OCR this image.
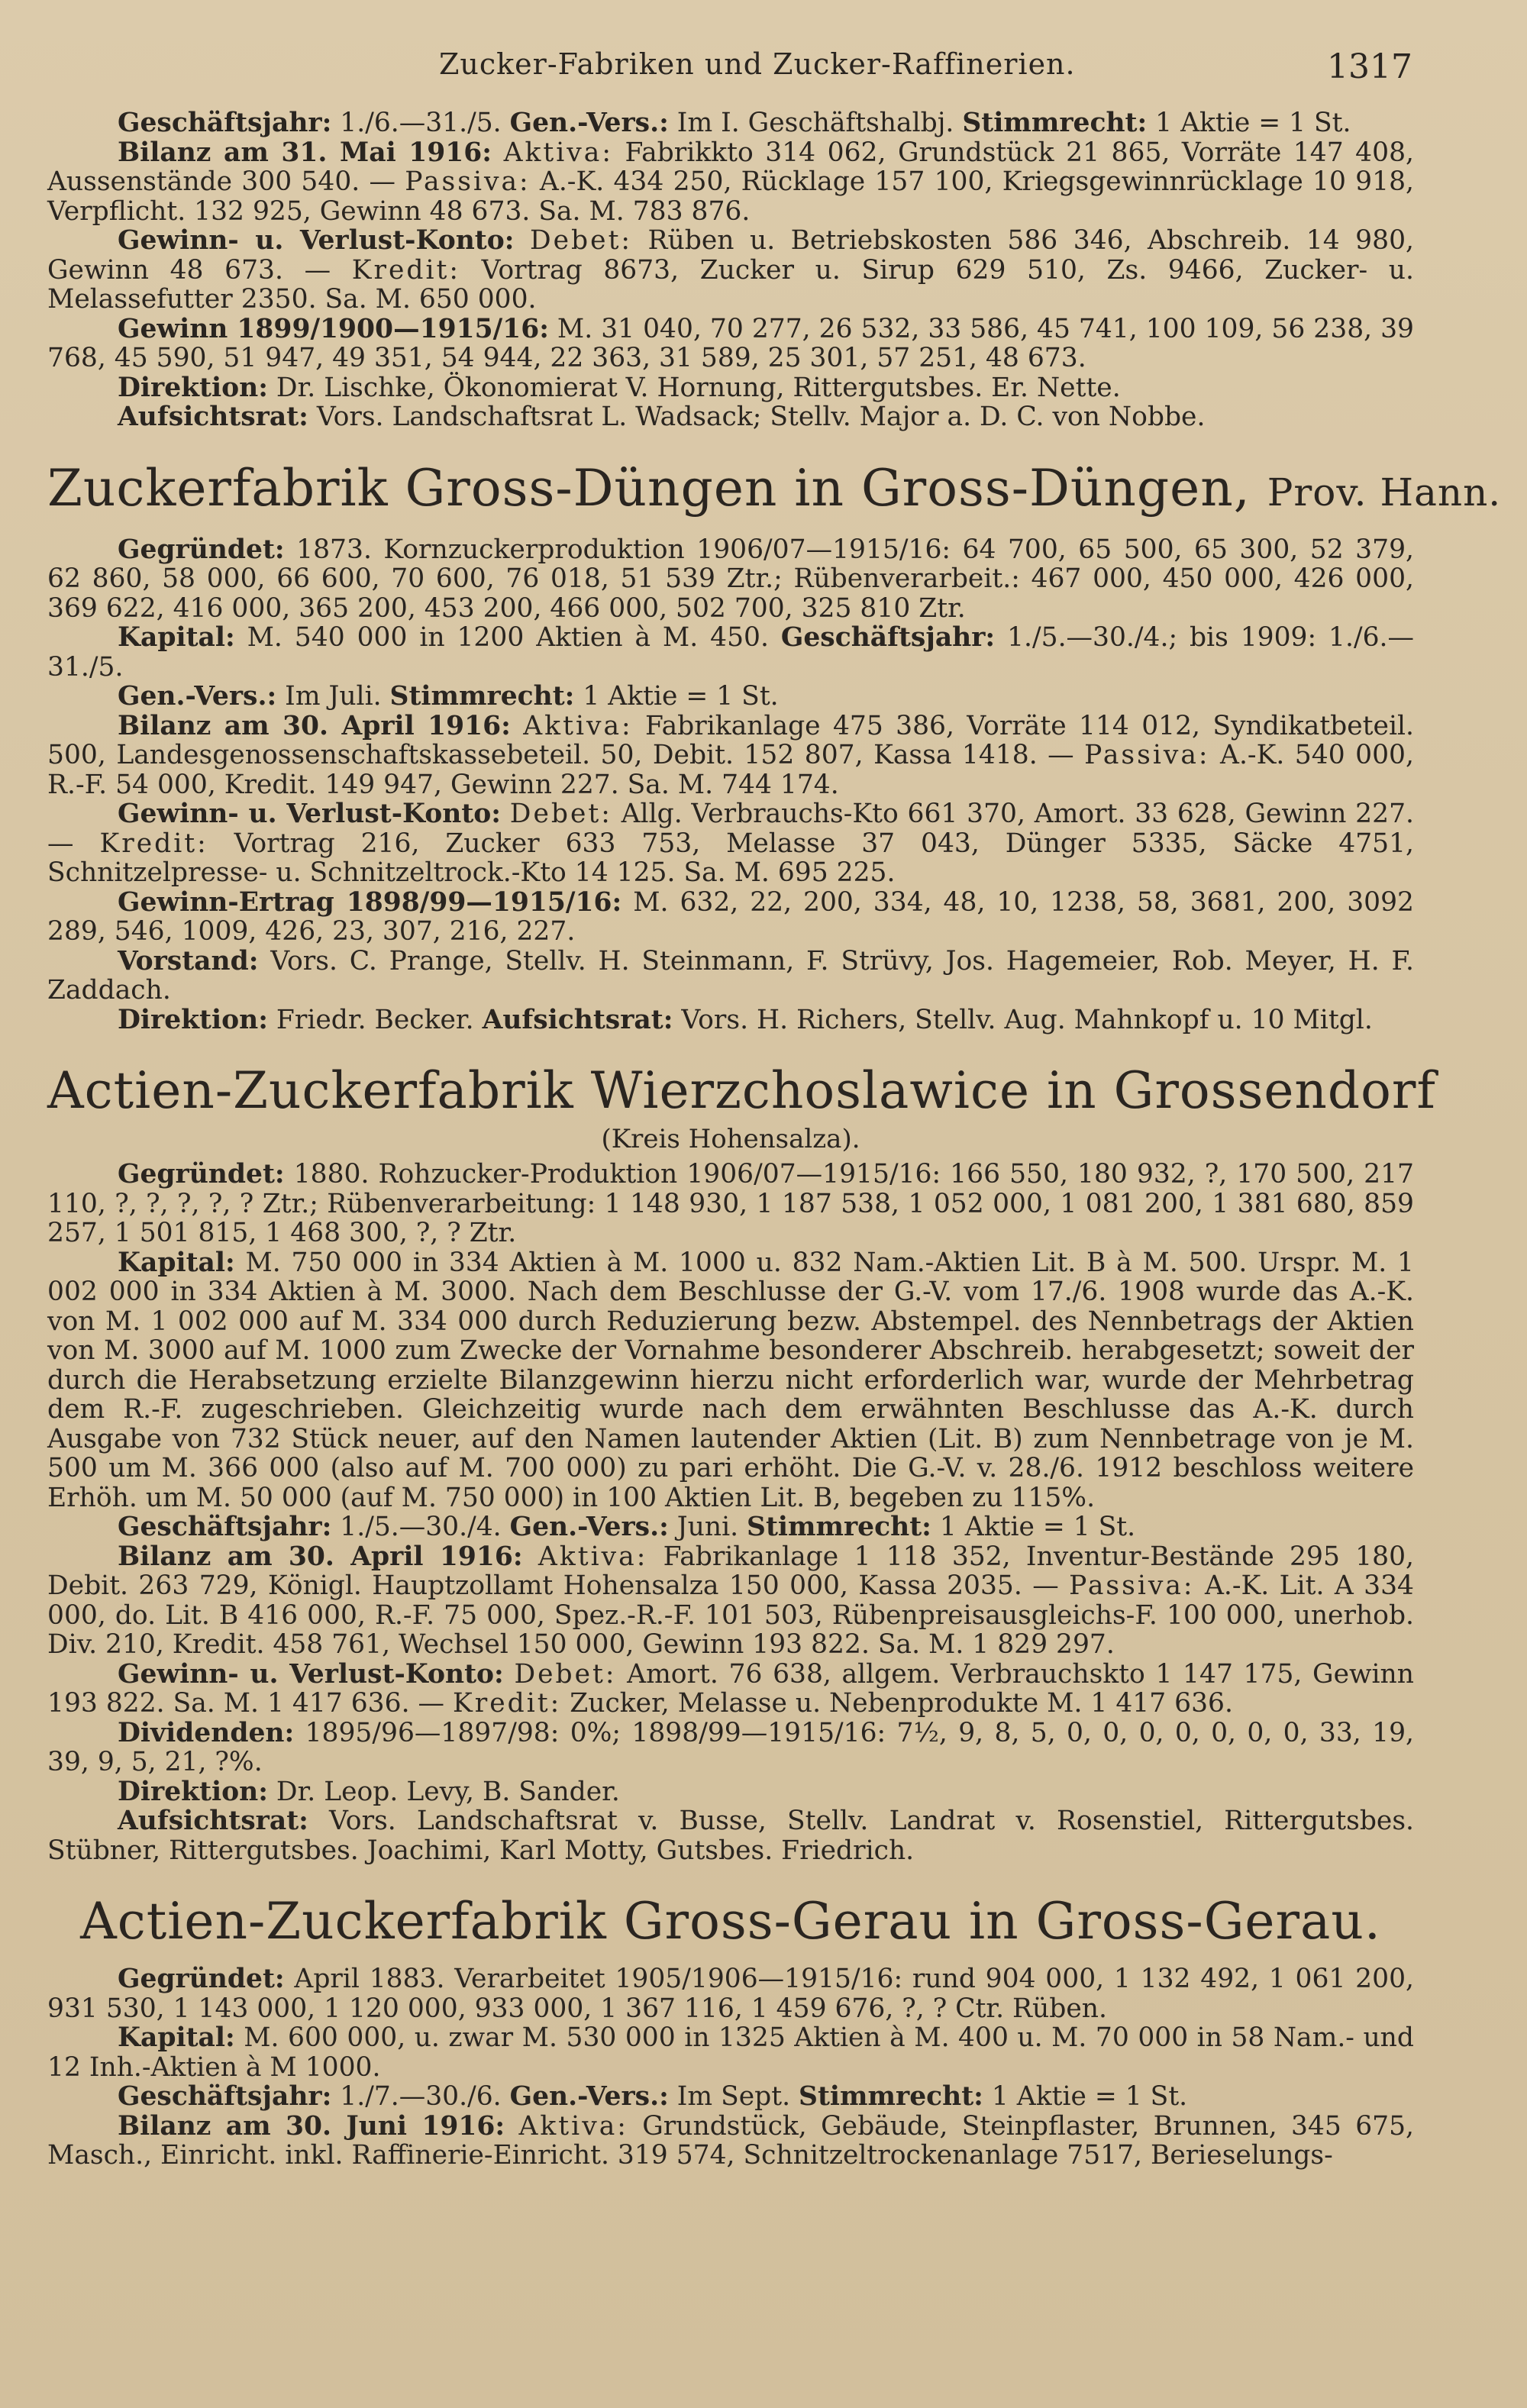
Zucker-Fabriken und Zucker-Raffinerien.	1317

Geschäftsjahr: 1./6.—31./5. Gen.-Vers.: Im I. Geschäftshalbj. Stimmrecht: 1 Aktie = 1 St.

Bilanz am 31. Mai 1916: Aktiva: Fabrikkto 314 062, Grundstück 21 865, Vorräte 147 408, Aussenstände 300 540. — Passiva: A.-K. 434 250, Rücklage 157 100, Kriegsgewinnrücklage 10 918, Verpflicht. 132 925, Gewinn 48 673. Sa. M. 783 876.

Gewinn- u. Verlust-Konto: Debet: Rüben u. Betriebskosten 586 346, Abschreib. 14 980, Gewinn 48 673. — Kredit: Vortrag 8673, Zucker u. Sirup 629 510, Zs. 9466, Zucker- u. Melassefutter 2350. Sa. M. 650 000.

Gewinn 1899/1900—1915/16: M. 31 040, 70 277, 26 532, 33 586, 45 741, 100 109, 56 238, 39 768, 45 590, 51 947, 49 351, 54 944, 22 363, 31 589, 25 301, 57 251, 48 673.

Direktion: Dr. Lischke, Ökonomierat V. Hornung, Rittergutsbes. Er. Nette.

Aufsichtsrat: Vors. Landschaftsrat L. Wadsack; Stellv. Major a. D. C. von Nobbe.

Zuckerfabrik Gross-Düngen in Gross-Düngen, Prov. Hann.

Gegründet: 1873. Kornzuckerproduktion 1906/07—1915/16: 64 700, 65 500, 65 300, 52 379, 62 860, 58 000, 66 600, 70 600, 76 018, 51 539 Ztr.; Rübenverarbeit.: 467 000, 450 000, 426 000, 369 622, 416 000, 365 200, 453 200, 466 000, 502 700, 325 810 Ztr.

Kapital: M. 540 000 in 1200 Aktien à M. 450. Geschäftsjahr: 1./5.—30./4.; bis 1909: 1./6.—31./5.

Gen.-Vers.: Im Juli. Stimmrecht: 1 Aktie = 1 St.

Bilanz am 30. April 1916: Aktiva: Fabrikanlage 475 386, Vorräte 114 012, Syndikatbeteil. 500, Landesgenossenschaftskassebeteil. 50, Debit. 152 807, Kassa 1418. — Passiva: A.-K. 540 000, R.-F. 54 000, Kredit. 149 947, Gewinn 227. Sa. M. 744 174.

Gewinn- u. Verlust-Konto: Debet: Allg. Verbrauchs-Kto 661 370, Amort. 33 628, Gewinn 227. — Kredit: Vortrag 216, Zucker 633 753, Melasse 37 043, Dünger 5335, Säcke 4751, Schnitzelpresse- u. Schnitzeltrock.-Kto 14 125. Sa. M. 695 225.

Gewinn-Ertrag 1898/99—1915/16: M. 632, 22, 200, 334, 48, 10, 1238, 58, 3681, 200, 3092 289, 546, 1009, 426, 23, 307, 216, 227.

Vorstand: Vors. C. Prange, Stellv. H. Steinmann, F. Strüvy, Jos. Hagemeier, Rob. Meyer, H. F. Zaddach.

Direktion: Friedr. Becker. Aufsichtsrat: Vors. H. Richers, Stellv. Aug. Mahnkopf u. 10 Mitgl.

Actien-Zuckerfabrik Wierzchoslawice in Grossendorf
(Kreis Hohensalza).

Gegründet: 1880. Rohzucker-Produktion 1906/07—1915/16: 166 550, 180 932, ?, 170 500, 217 110, ?, ?, ?, ?, ? Ztr.; Rübenverarbeitung: 1 148 930, 1 187 538, 1 052 000, 1 081 200, 1 381 680, 859 257, 1 501 815, 1 468 300, ?, ? Ztr.

Kapital: M. 750 000 in 334 Aktien à M. 1000 u. 832 Nam.-Aktien Lit. B à M. 500. Urspr. M. 1 002 000 in 334 Aktien à M. 3000. Nach dem Beschlusse der G.-V. vom 17./6. 1908 wurde das A.-K. von M. 1 002 000 auf M. 334 000 durch Reduzierung bezw. Abstempel. des Nennbetrags der Aktien von M. 3000 auf M. 1000 zum Zwecke der Vornahme besonderer Abschreib. herabgesetzt; soweit der durch die Herabsetzung erzielte Bilanzgewinn hierzu nicht erforderlich war, wurde der Mehrbetrag dem R.-F. zugeschrieben. Gleichzeitig wurde nach dem erwähnten Beschlusse das A.-K. durch Ausgabe von 732 Stück neuer, auf den Namen lautender Aktien (Lit. B) zum Nennbetrage von je M. 500 um M. 366 000 (also auf M. 700 000) zu pari erhöht. Die G.-V. v. 28./6. 1912 beschloss weitere Erhöh. um M. 50 000 (auf M. 750 000) in 100 Aktien Lit. B, begeben zu 115%.

Geschäftsjahr: 1./5.—30./4. Gen.-Vers.: Juni. Stimmrecht: 1 Aktie = 1 St.

Bilanz am 30. April 1916: Aktiva: Fabrikanlage 1 118 352, Inventur-Bestände 295 180, Debit. 263 729, Königl. Hauptzollamt Hohensalza 150 000, Kassa 2035. — Passiva: A.-K. Lit. A 334 000, do. Lit. B 416 000, R.-F. 75 000, Spez.-R.-F. 101 503, Rübenpreisausgleichs-F. 100 000, unerhob. Div. 210, Kredit. 458 761, Wechsel 150 000, Gewinn 193 822. Sa. M. 1 829 297.

Gewinn- u. Verlust-Konto: Debet: Amort. 76 638, allgem. Verbrauchskto 1 147 175, Gewinn 193 822. Sa. M. 1 417 636. — Kredit: Zucker, Melasse u. Nebenprodukte M. 1 417 636.

Dividenden: 1895/96—1897/98: 0%; 1898/99—1915/16: 7½, 9, 8, 5, 0, 0, 0, 0, 0, 0, 0, 33, 19, 39, 9, 5, 21, ?%.

Direktion: Dr. Leop. Levy, B. Sander.

Aufsichtsrat: Vors. Landschaftsrat v. Busse, Stellv. Landrat v. Rosenstiel, Rittergutsbes. Stübner, Rittergutsbes. Joachimi, Karl Motty, Gutsbes. Friedrich.

Actien-Zuckerfabrik Gross-Gerau in Gross-Gerau.

Gegründet: April 1883. Verarbeitet 1905/1906—1915/16: rund 904 000, 1 132 492, 1 061 200, 931 530, 1 143 000, 1 120 000, 933 000, 1 367 116, 1 459 676, ?, ? Ctr. Rüben.

Kapital: M. 600 000, u. zwar M. 530 000 in 1325 Aktien à M. 400 u. M. 70 000 in 58 Nam.- und 12 Inh.-Aktien à M 1000.

Geschäftsjahr: 1./7.—30./6. Gen.-Vers.: Im Sept. Stimmrecht: 1 Aktie = 1 St.

Bilanz am 30. Juni 1916: Aktiva: Grundstück, Gebäude, Steinpflaster, Brunnen, 345 675, Masch., Einricht. inkl. Raffinerie-Einricht. 319 574, Schnitzeltrockenanlage 7517, Berieselungs-
